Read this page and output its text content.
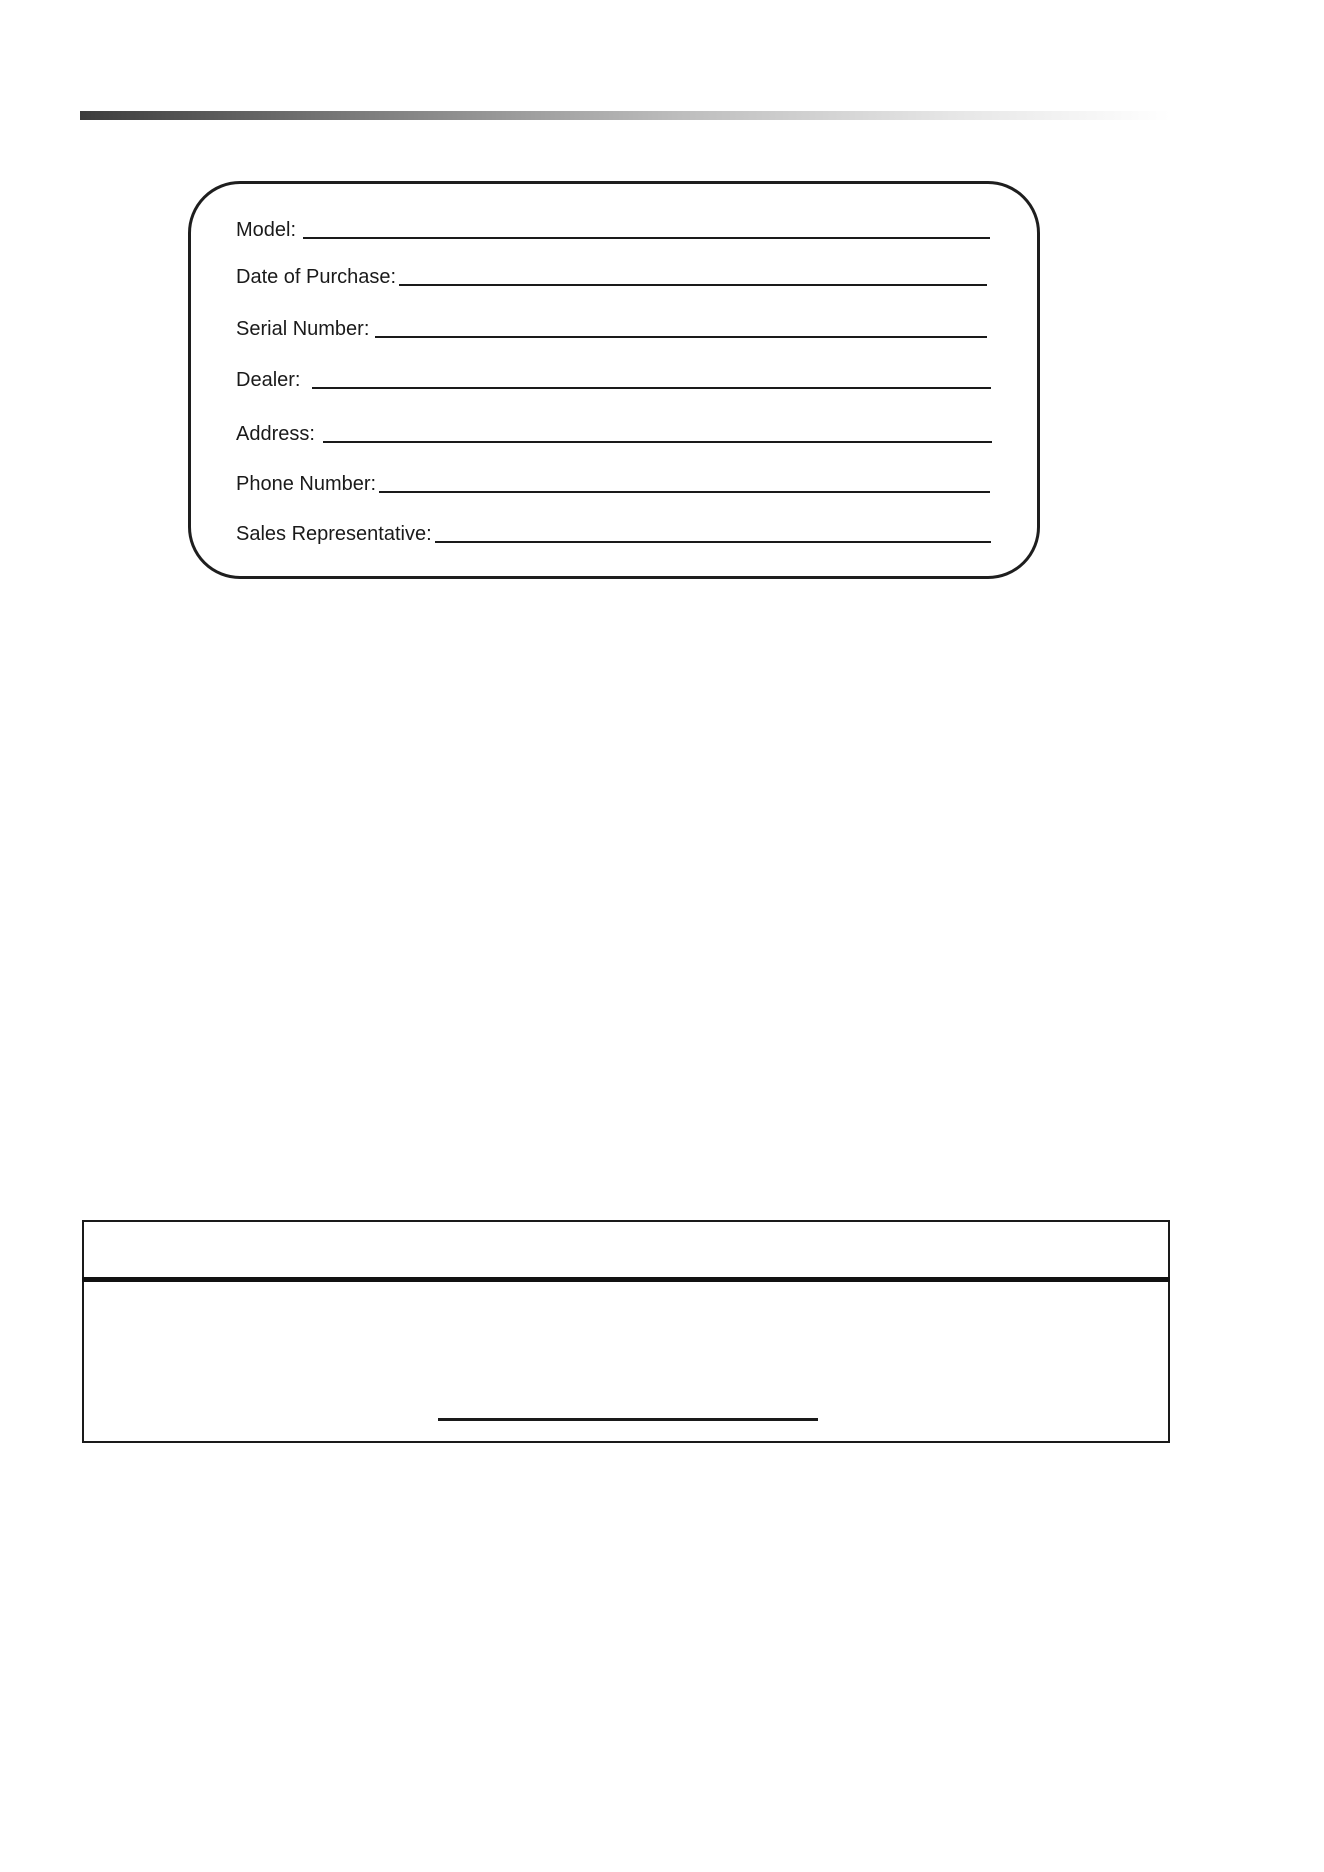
Model:
Date of Purchase:
Serial Number:
Dealer:
Address:
Phone Number:
Sales Representative:
